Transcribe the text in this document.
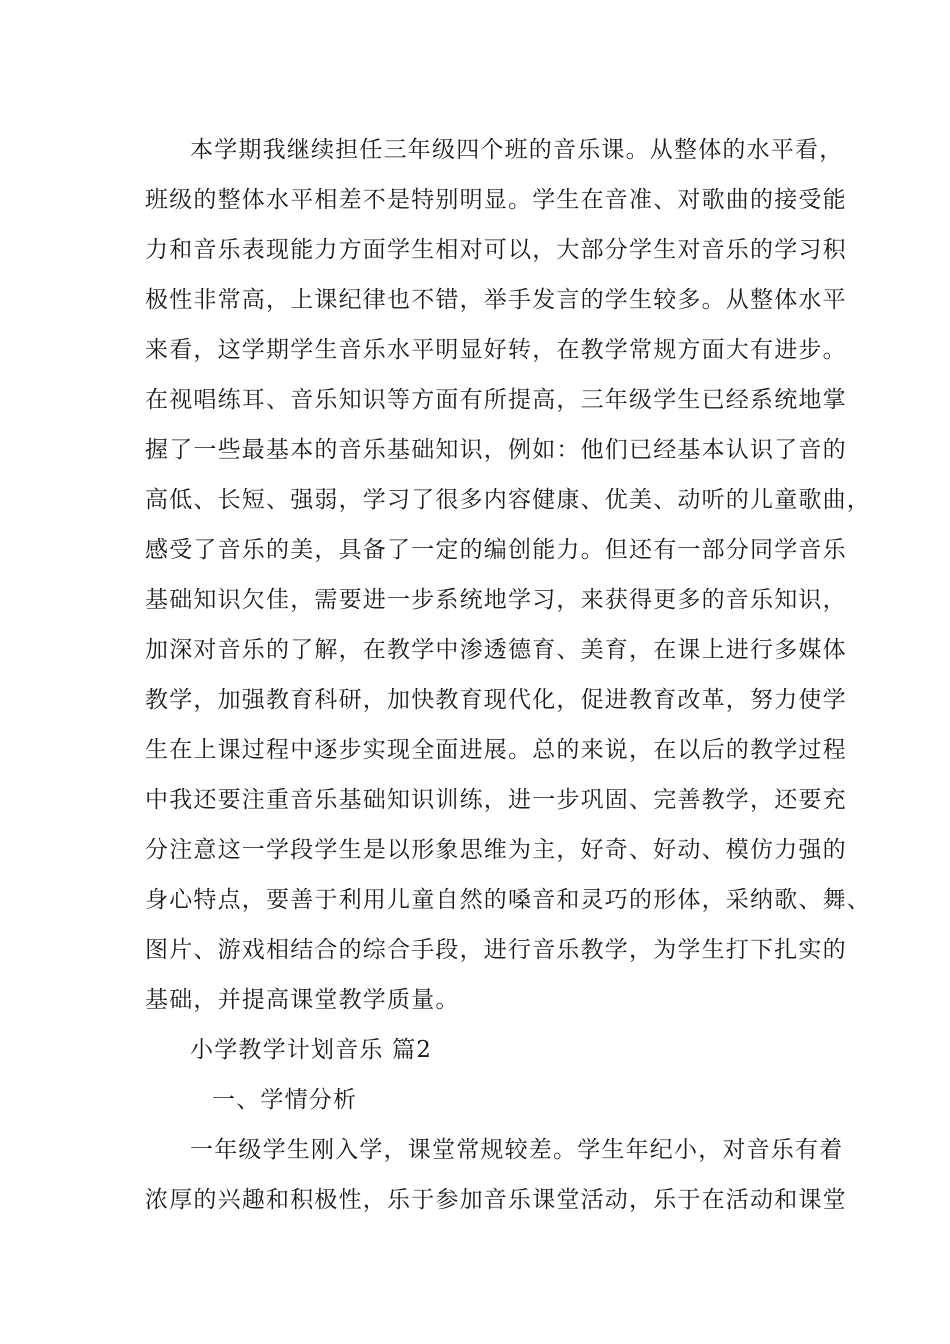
本学期我继续担任三年级四个班的音乐课。从整体的水平看，
班级的整体水平相差不是特别明显。学生在音准、对歌曲的接受能
力和音乐表现能力方面学生相对可以，大部分学生对音乐的学习积
极性非常高，上课纪律也不错，举手发言的学生较多。从整体水平
来看，这学期学生音乐水平明显好转，在教学常规方面大有进步。
在视唱练耳、音乐知识等方面有所提高，三年级学生已经系统地掌
握了一些最基本的音乐基础知识，例如：他们已经基本认识了音的
高低、长短、强弱，学习了很多内容健康、优美、动听的儿童歌曲，
感受了音乐的美，具备了一定的编创能力。但还有一部分同学音乐
基础知识欠佳，需要进一步系统地学习，来获得更多的音乐知识，
加深对音乐的了解，在教学中渗透德育、美育，在课上进行多媒体
教学，加强教育科研，加快教育现代化，促进教育改革，努力使学
生在上课过程中逐步实现全面进展。总的来说，在以后的教学过程
中我还要注重音乐基础知识训练，进一步巩固、完善教学，还要充
分注意这一学段学生是以形象思维为主，好奇、好动、模仿力强的
身心特点，要善于利用儿童自然的嗓音和灵巧的形体，采纳歌、舞、
图片、游戏相结合的综合手段，进行音乐教学，为学生打下扎实的
基础，并提高课堂教学质量。
小学教学计划音乐 篇2
一、学情分析
一年级学生刚入学，课堂常规较差。学生年纪小，对音乐有着
浓厚的兴趣和积极性，乐于参加音乐课堂活动，乐于在活动和课堂
